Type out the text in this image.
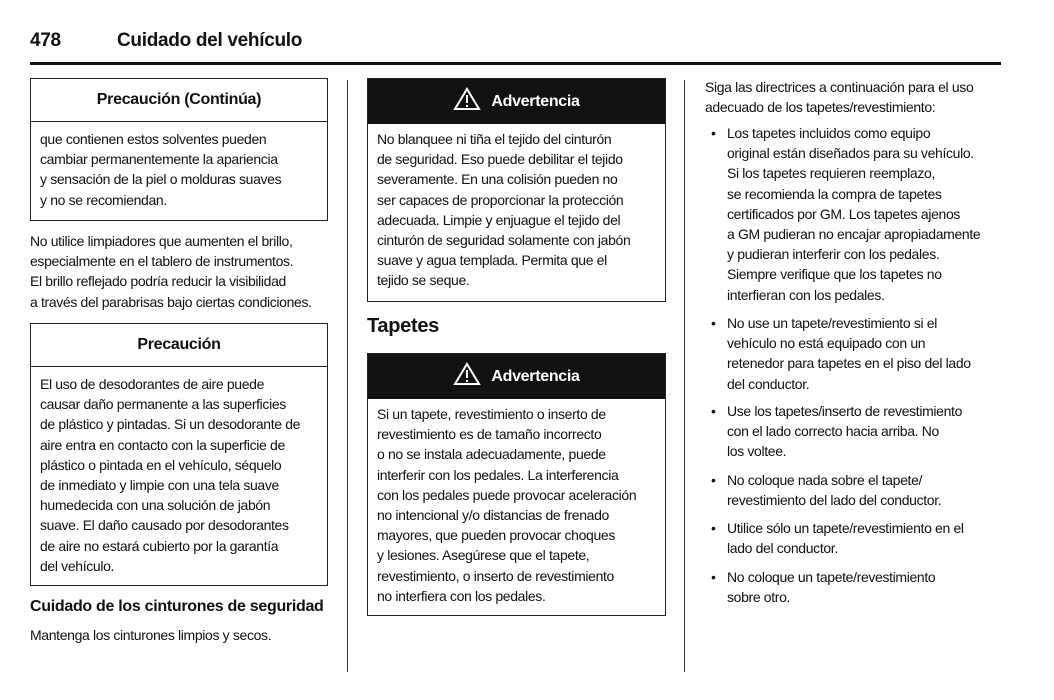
478	Cuidado del vehículo
Precaución (Continúa)
que contienen estos solventes pueden
cambiar permanentemente la apariencia
y sensación de la piel o molduras suaves
y no se recomiendan.
No utilice limpiadores que aumenten el brillo,
especialmente en el tablero de instrumentos.
El brillo reflejado podría reducir la visibilidad
a través del parabrisas bajo ciertas condiciones.
Precaución
El uso de desodorantes de aire puede
causar daño permanente a las superficies
de plástico y pintadas. Si un desodorante de
aire entra en contacto con la superficie de
plástico o pintada en el vehículo, séquelo
de inmediato y limpie con una tela suave
humedecida con una solución de jabón
suave. El daño causado por desodorantes
de aire no estará cubierto por la garantía
del vehículo.
Cuidado de los cinturones de seguridad
Mantenga los cinturones limpios y secos.
Advertencia
No blanquee ni tiña el tejido del cinturón
de seguridad. Eso puede debilitar el tejido
severamente. En una colisión pueden no
ser capaces de proporcionar la protección
adecuada. Limpie y enjuague el tejido del
cinturón de seguridad solamente con jabón
suave y agua templada. Permita que el
tejido se seque.
Tapetes
Advertencia
Si un tapete, revestimiento o inserto de
revestimiento es de tamaño incorrecto
o no se instala adecuadamente, puede
interferir con los pedales. La interferencia
con los pedales puede provocar aceleración
no intencional y/o distancias de frenado
mayores, que pueden provocar choques
y lesiones. Asegúrese que el tapete,
revestimiento, o inserto de revestimiento
no interfiera con los pedales.
Siga las directrices a continuación para el uso
adecuado de los tapetes/revestimiento:
• Los tapetes incluidos como equipo
original están diseñados para su vehículo.
Si los tapetes requieren reemplazo,
se recomienda la compra de tapetes
certificados por GM. Los tapetes ajenos
a GM pudieran no encajar apropiadamente
y pudieran interferir con los pedales.
Siempre verifique que los tapetes no
interfieran con los pedales.
• No use un tapete/revestimiento si el
vehículo no está equipado con un
retenedor para tapetes en el piso del lado
del conductor.
• Use los tapetes/inserto de revestimiento
con el lado correcto hacia arriba. No
los voltee.
• No coloque nada sobre el tapete/
revestimiento del lado del conductor.
• Utilice sólo un tapete/revestimiento en el
lado del conductor.
• No coloque un tapete/revestimiento
sobre otro.
